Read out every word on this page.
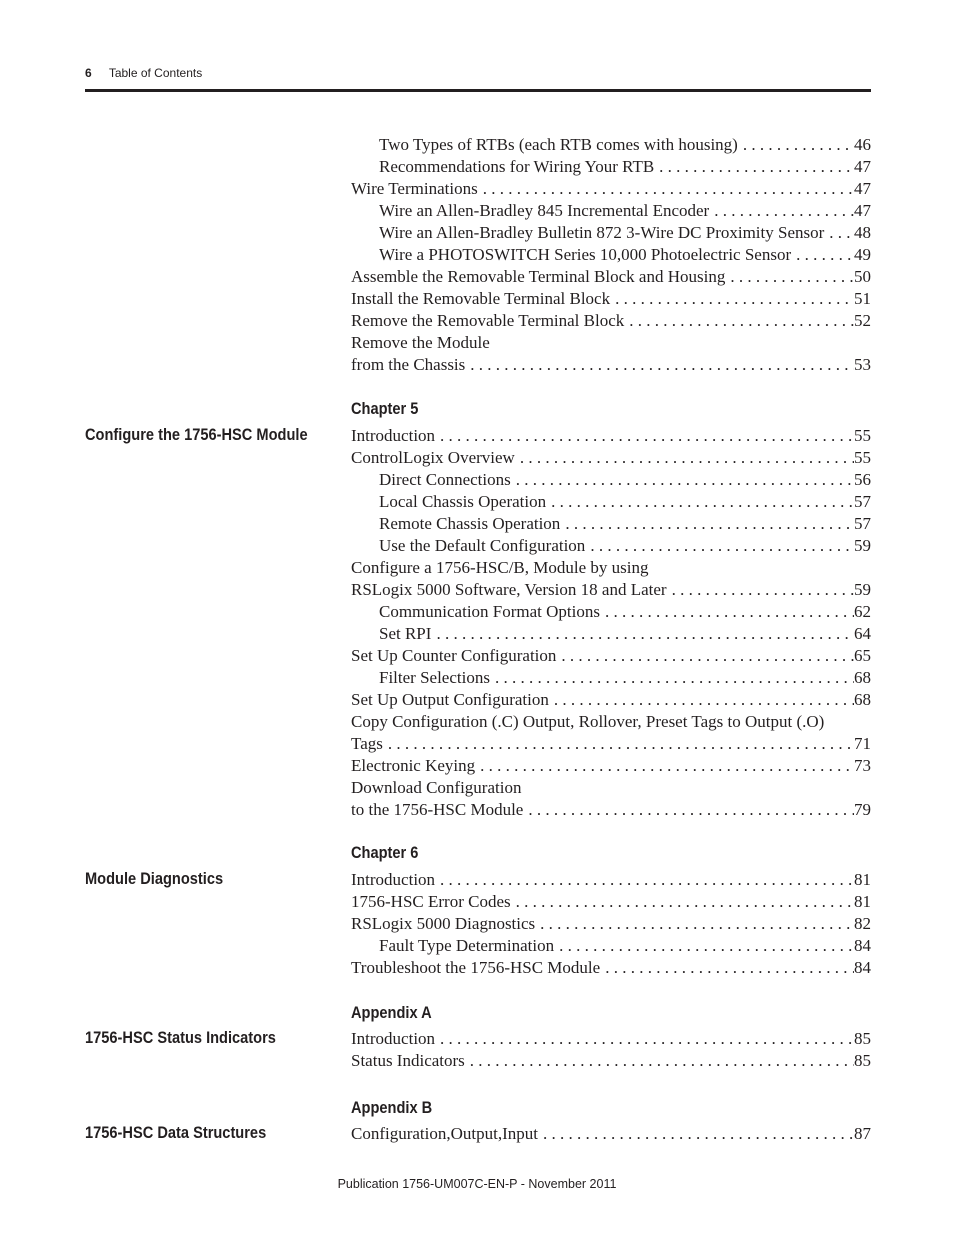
6 Table of Contents
Two Types of RTBs (each RTB comes with housing) . . .	46
Recommendations for Wiring Your RTB . . .	47
Wire Terminations . . .	47
Wire an Allen-Bradley 845 Incremental Encoder . . .	47
Wire an Allen-Bradley Bulletin 872 3-Wire DC Proximity Sensor . . . 48
Wire a PHOTOSWITCH Series 10,000 Photoelectric Sensor . . .	49
Assemble the Removable Terminal Block and Housing . . .	50
Install the Removable Terminal Block . . .	51
Remove the Removable Terminal Block . . .	52
Remove the Module
from the Chassis . . .	53
Chapter 5
Configure the 1756-HSC Module	Introduction . . .	55
ControlLogix Overview . . .	55
Direct Connections . . .	56
Local Chassis Operation . . .	57
Remote Chassis Operation . . .	57
Use the Default Configuration . . .	59
Configure a 1756-HSC/B, Module by using
RSLogix 5000 Software, Version 18 and Later . . .	59
Communication Format Options . . .	62
Set RPI . . .	64
Set Up Counter Configuration . . .	65
Filter Selections . . .	68
Set Up Output Configuration . . .	68
Copy Configuration (.C) Output, Rollover, Preset Tags to Output (.O)
Tags . . .	71
Electronic Keying . . .	73
Download Configuration
to the 1756-HSC Module . . .	79
Chapter 6
Module Diagnostics	Introduction . . .	81
1756-HSC Error Codes . . .	81
RSLogix 5000 Diagnostics . . .	82
Fault Type Determination . . .	84
Troubleshoot the 1756-HSC Module . . .	84
Appendix A
1756-HSC Status Indicators	Introduction . . .	85
Status Indicators . . .	85
Appendix B
1756-HSC Data Structures	Configuration,Output,Input . . .	87
Publication 1756-UM007C-EN-P - November 2011
